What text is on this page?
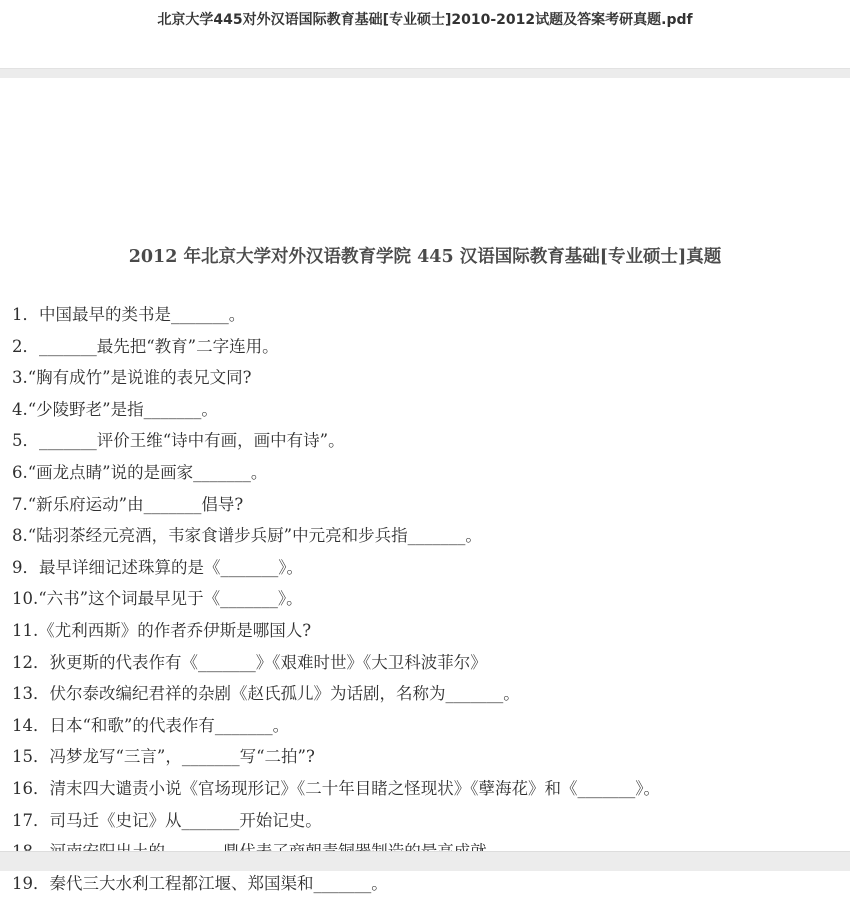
北京大学445对外汉语国际教育基础[专业硕士]2010-2012试题及答案考研真题.pdf
2012 年北京大学对外汉语教育学院 445 汉语国际教育基础[专业硕士]真题
1．中国最早的类书是_______。
2．_______最先把“教育”二字连用。
3.“胸有成竹”是说谁的表兄文同?
4.“少陵野老”是指_______。
5．_______评价王维“诗中有画，画中有诗”。
6.“画龙点睛”说的是画家_______。
7.“新乐府运动”由_______倡导?
8.“陆羽茶经元亮酒，韦家食谱步兵厨”中元亮和步兵指_______。
9．最早详细记述珠算的是《_______》。
10.“六书”这个词最早见于《_______》。
11.《尤利西斯》的作者乔伊斯是哪国人?
12．狄更斯的代表作有《_______》《艰难时世》《大卫科波菲尔》
13．伏尔泰改编纪君祥的杂剧《赵氏孤儿》为话剧，名称为_______。
14．日本“和歌”的代表作有_______。
15．冯梦龙写“三言”，_______写“二拍”?
16．清末四大谴责小说《官场现形记》《二十年目睹之怪现状》《孽海花》和《_______》。
17．司马迁《史记》从_______开始记史。
19．秦代三大水利工程都江堰、郑国渠和_______。
